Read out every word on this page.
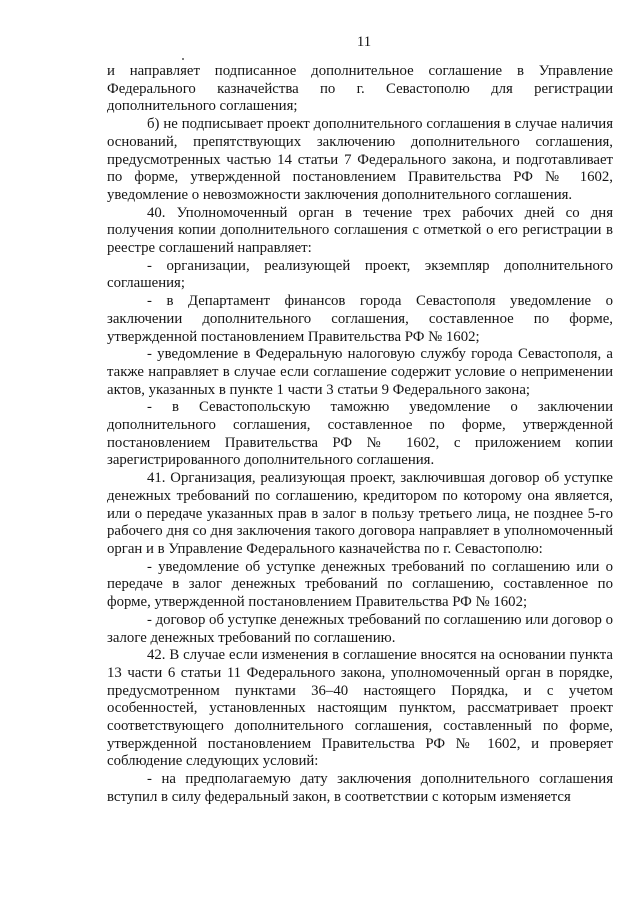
11

и направляет подписанное дополнительное соглашение в Управление Федерального казначейства по г. Севастополю для регистрации дополнительного соглашения;

б) не подписывает проект дополнительного соглашения в случае наличия оснований, препятствующих заключению дополнительного соглашения, предусмотренных частью 14 статьи 7 Федерального закона, и подготавливает по форме, утвержденной постановлением Правительства РФ № 1602, уведомление о невозможности заключения дополнительного соглашения.

40. Уполномоченный орган в течение трех рабочих дней со дня получения копии дополнительного соглашения с отметкой о его регистрации в реестре соглашений направляет:

- организации, реализующей проект, экземпляр дополнительного соглашения;

- в Департамент финансов города Севастополя уведомление о заключении дополнительного соглашения, составленное по форме, утвержденной постановлением Правительства РФ № 1602;

- уведомление в Федеральную налоговую службу города Севастополя, а также направляет в случае если соглашение содержит условие о неприменении актов, указанных в пункте 1 части 3 статьи 9 Федерального закона;

- в Севастопольскую таможню уведомление о заключении дополнительного соглашения, составленное по форме, утвержденной постановлением Правительства РФ № 1602, с приложением копии зарегистрированного дополнительного соглашения.

41. Организация, реализующая проект, заключившая договор об уступке денежных требований по соглашению, кредитором по которому она является, или о передаче указанных прав в залог в пользу третьего лица, не позднее 5-го рабочего дня со дня заключения такого договора направляет в уполномоченный орган и в Управление Федерального казначейства по г. Севастополю:

- уведомление об уступке денежных требований по соглашению или о передаче в залог денежных требований по соглашению, составленное по форме, утвержденной постановлением Правительства РФ № 1602;

- договор об уступке денежных требований по соглашению или договор о залоге денежных требований по соглашению.

42. В случае если изменения в соглашение вносятся на основании пункта 13 части 6 статьи 11 Федерального закона, уполномоченный орган в порядке, предусмотренном пунктами 36–40 настоящего Порядка, и с учетом особенностей, установленных настоящим пунктом, рассматривает проект соответствующего дополнительного соглашения, составленный по форме, утвержденной постановлением Правительства РФ № 1602, и проверяет соблюдение следующих условий:

- на предполагаемую дату заключения дополнительного соглашения вступил в силу федеральный закон, в соответствии с которым изменяется
